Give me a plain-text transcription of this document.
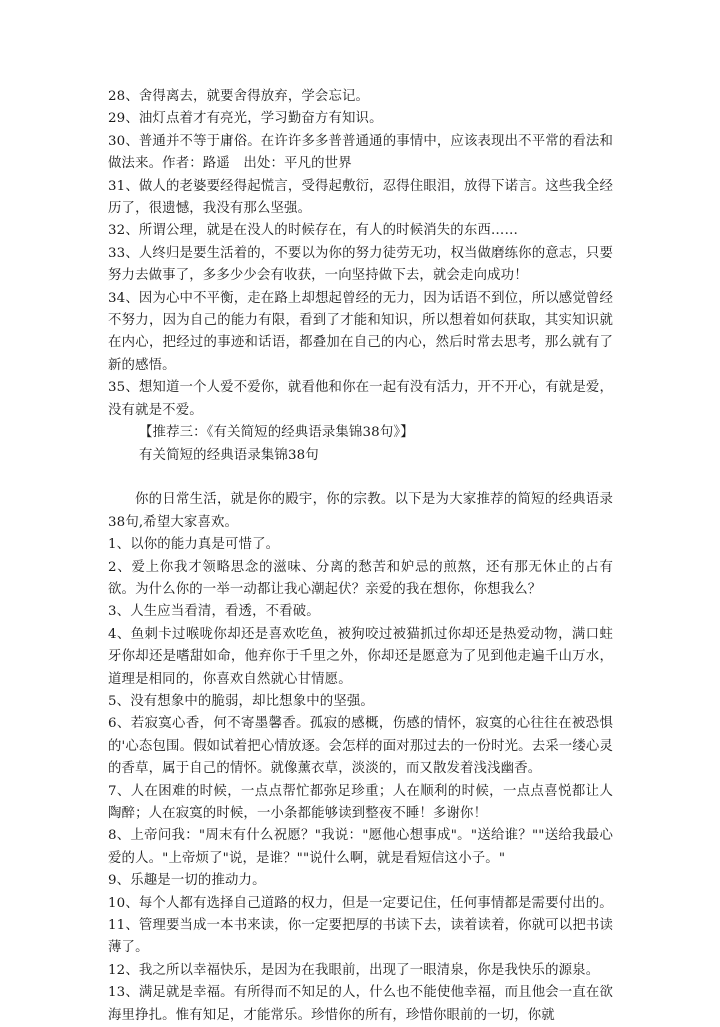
28、舍得离去，就要舍得放弃，学会忘记。

29、油灯点着才有亮光，学习勤奋方有知识。

30、普通并不等于庸俗。在许许多多普普通通的事情中，应该表现出不平常的看法和做法来。作者：路遥　出处：平凡的世界

31、做人的老婆要经得起慌言，受得起敷衍，忍得住眼泪，放得下诺言。这些我全经历了，很遗憾，我没有那么坚强。

32、所谓公理，就是在没人的时候存在，有人的时候消失的东西……

33、人终归是要生活着的，不要以为你的努力徒劳无功，权当做磨练你的意志，只要努力去做事了，多多少少会有收获，一向坚持做下去，就会走向成功！

34、因为心中不平衡，走在路上却想起曾经的无力，因为话语不到位，所以感觉曾经不努力，因为自己的能力有限，看到了才能和知识，所以想着如何获取，其实知识就在内心，把经过的事迹和话语，都叠加在自己的内心，然后时常去思考，那么就有了新的感悟。

35、想知道一个人爱不爱你，就看他和你在一起有没有活力，开不开心，有就是爱，没有就是不爱。

【推荐三：《有关简短的经典语录集锦38句》】

有关简短的经典语录集锦38句

你的日常生活，就是你的殿宇，你的宗教。以下是为大家推荐的简短的经典语录38句,希望大家喜欢。

1、以你的能力真是可惜了。

2、爱上你我才领略思念的滋味、分离的愁苦和妒忌的煎熬，还有那无休止的占有欲。为什么你的一举一动都让我心潮起伏？亲爱的我在想你，你想我么？

3、人生应当看清，看透，不看破。

4、鱼刺卡过喉咙你却还是喜欢吃鱼，被狗咬过被猫抓过你却还是热爱动物，满口蛀牙你却还是嗜甜如命，他弃你于千里之外，你却还是愿意为了见到他走遍千山万水，道理是相同的，你喜欢自然就心甘情愿。

5、没有想象中的脆弱，却比想象中的坚强。

6、若寂寞心香，何不寄墨馨香。孤寂的感概，伤感的情怀，寂寞的心往往在被恐惧的'心态包围。假如试着把心情放逐。会怎样的面对那过去的一份时光。去采一缕心灵的香草，属于自己的情怀。就像薰衣草，淡淡的，而又散发着浅浅幽香。

7、人在困难的时候，一点点帮忙都弥足珍重；人在顺利的时候，一点点喜悦都让人陶醉；人在寂寞的时候，一小条都能够读到整夜不睡！多谢你！

8、上帝问我："周末有什么祝愿？"我说："愿他心想事成"。"送给谁？""送给我最心爱的人。"上帝烦了"说，是谁？""说什么啊，就是看短信这小子。"

9、乐趣是一切的推动力。

10、每个人都有选择自己道路的权力，但是一定要记住，任何事情都是需要付出的。

11、管理要当成一本书来读，你一定要把厚的书读下去，读着读着，你就可以把书读薄了。

12、我之所以幸福快乐，是因为在我眼前，出现了一眼清泉，你是我快乐的源泉。

13、满足就是幸福。有所得而不知足的人，什么也不能使他幸福，而且他会一直在欲海里挣扎。惟有知足，才能常乐。珍惜你的所有，珍惜你眼前的一切，你就
